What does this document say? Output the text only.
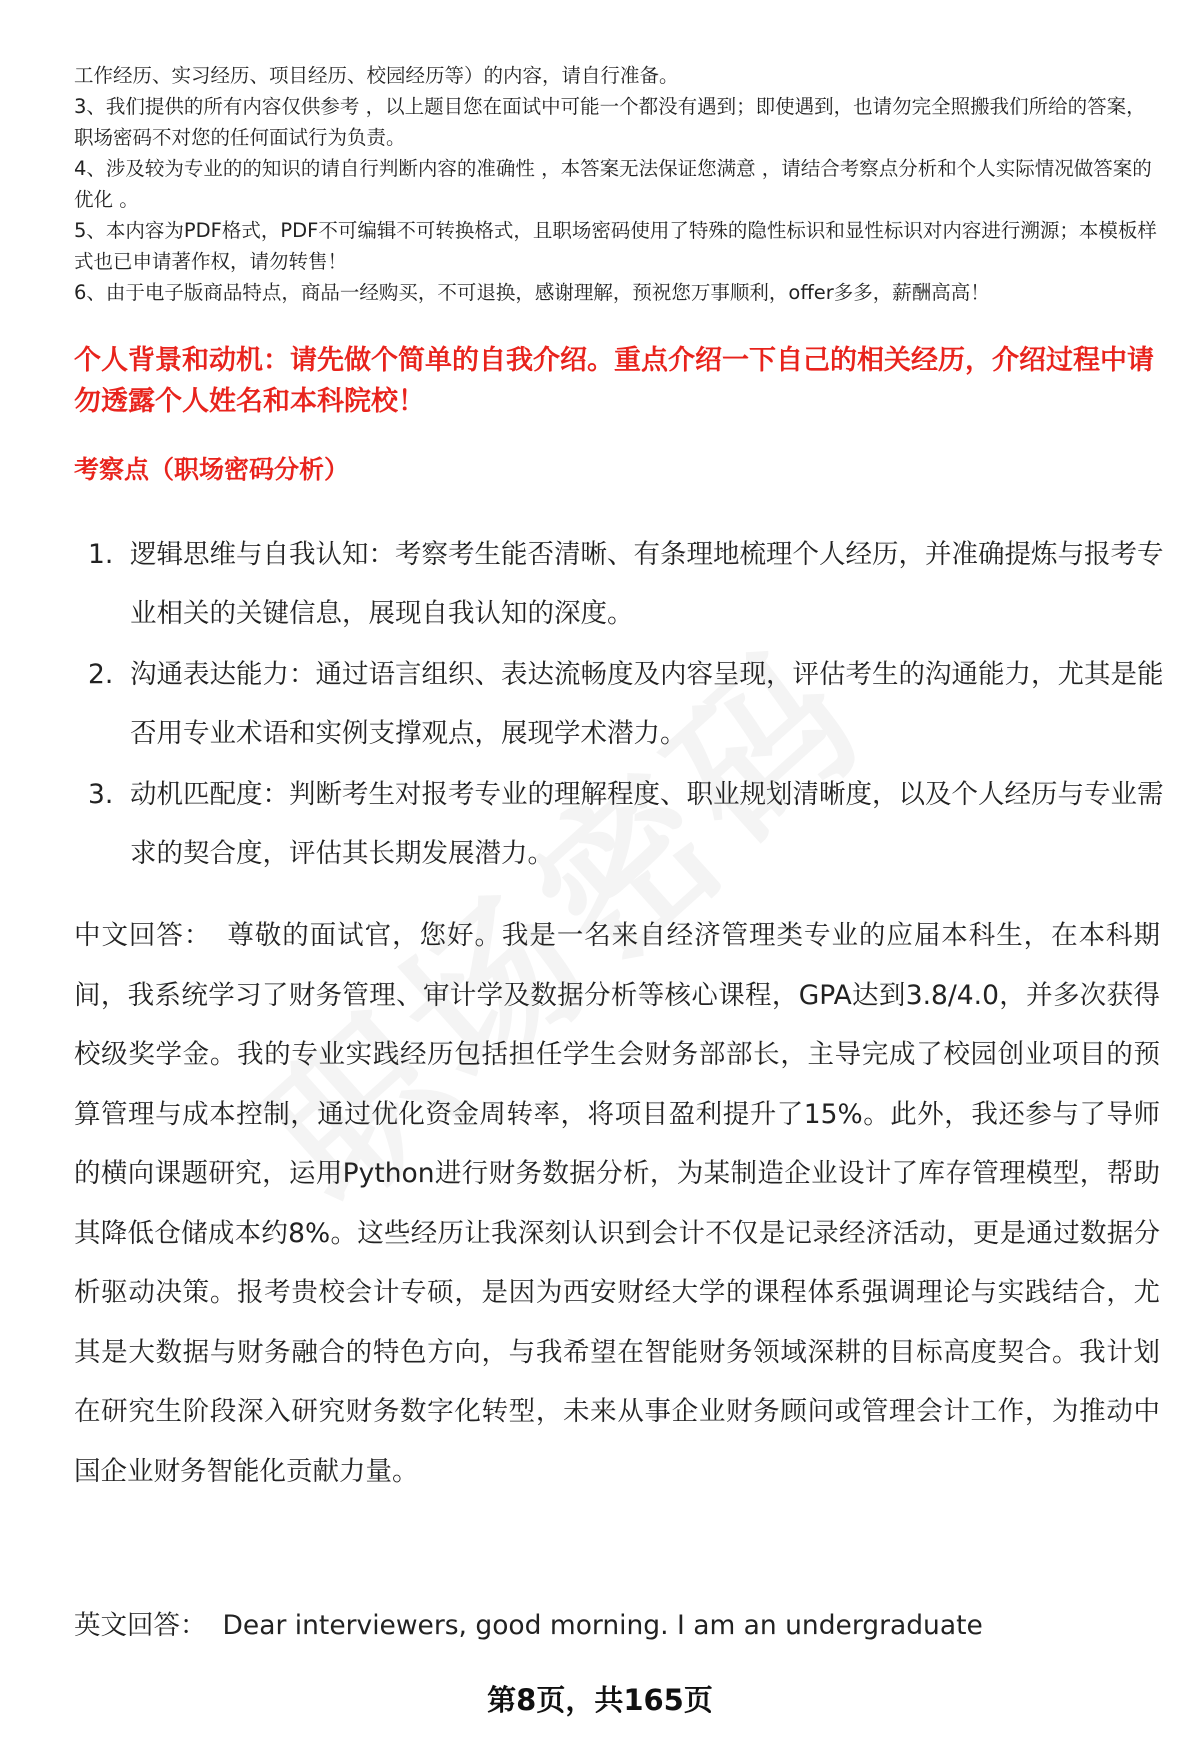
工作经历、实习经历、项目经历、校园经历等）的内容，请自行准备。

3、我们提供的所有内容仅供参考 ，以上题目您在面试中可能一个都没有遇到；即使遇到，也请勿完全照搬我们所给的答案，职场密码不对您的任何面试行为负责。

4、涉及较为专业的的知识的请自行判断内容的准确性 ，本答案无法保证您满意 ，请结合考察点分析和个人实际情况做答案的优化 。

5、本内容为PDF格式，PDF不可编辑不可转换格式，且职场密码使用了特殊的隐性标识和显性标识对内容进行溯源；本模板样式也已申请著作权，请勿转售！

6、由于电子版商品特点，商品一经购买，不可退换，感谢理解，预祝您万事顺利，offer多多，薪酬高高！

个人背景和动机：请先做个简单的自我介绍。重点介绍一下自己的相关经历，介绍过程中请勿透露个人姓名和本科院校！
考察点（职场密码分析）
1. 逻辑思维与自我认知：考察考生能否清晰、有条理地梳理个人经历，并准确提炼与报考专业相关的关键信息，展现自我认知的深度。
2. 沟通表达能力：通过语言组织、表达流畅度及内容呈现，评估考生的沟通能力，尤其是能否用专业术语和实例支撑观点，展现学术潜力。
3. 动机匹配度：判断考生对报考专业的理解程度、职业规划清晰度，以及个人经历与专业需求的契合度，评估其长期发展潜力。

中文回答： 尊敬的面试官，您好。我是一名来自经济管理类专业的应届本科生，在本科期间，我系统学习了财务管理、审计学及数据分析等核心课程，GPA达到3.8/4.0，并多次获得校级奖学金。我的专业实践经历包括担任学生会财务部部长，主导完成了校园创业项目的预算管理与成本控制，通过优化资金周转率，将项目盈利提升了15%。此外，我还参与了导师的横向课题研究，运用Python进行财务数据分析，为某制造企业设计了库存管理模型，帮助其降低仓储成本约8%。这些经历让我深刻认识到会计不仅是记录经济活动，更是通过数据分析驱动决策。报考贵校会计专硕，是因为西安财经大学的课程体系强调理论与实践结合，尤其是大数据与财务融合的特色方向，与我希望在智能财务领域深耕的目标高度契合。我计划在研究生阶段深入研究财务数字化转型，未来从事企业财务顾问或管理会计工作，为推动中国企业财务智能化贡献力量。

英文回答： Dear interviewers, good morning. I am an undergraduate

第8页，共165页
